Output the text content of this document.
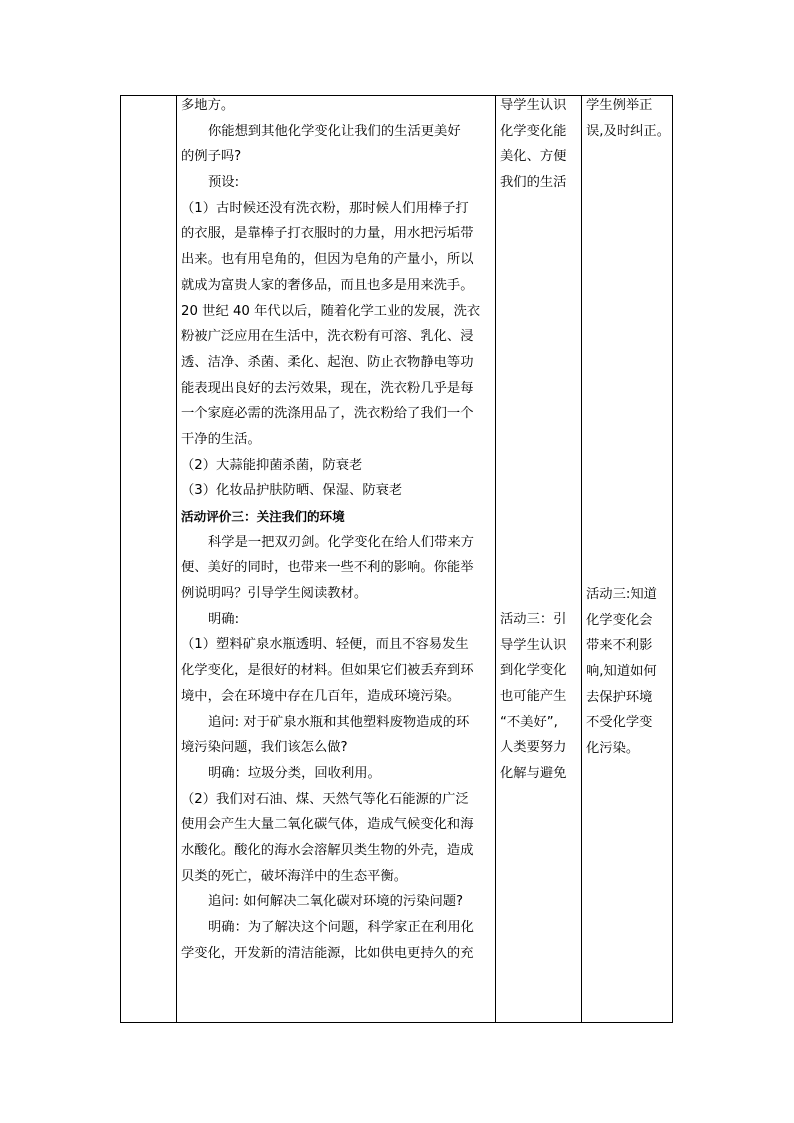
多地方。
你能想到其他化学变化让我们的生活更美好
的例子吗?
预设:
（1）古时候还没有洗衣粉，那时候人们用棒子打
的衣服，是靠棒子打衣服时的力量，用水把污垢带
出来。也有用皂角的，但因为皂角的产量小，所以
就成为富贵人家的奢侈品，而且也多是用来洗手。
20 世纪 40 年代以后，随着化学工业的发展，洗衣
粉被广泛应用在生活中，洗衣粉有可溶、乳化、浸
透、洁净、杀菌、柔化、起泡、防止衣物静电等功
能表现出良好的去污效果，现在，洗衣粉几乎是每
一个家庭必需的洗涤用品了，洗衣粉给了我们一个
干净的生活。
（2）大蒜能抑菌杀菌，防衰老
（3）化妆品护肤防晒、保湿、防衰老
活动评价三：关注我们的环境
科学是一把双刃剑。化学变化在给人们带来方
便、美好的同时，也带来一些不利的影响。你能举
例说明吗？引导学生阅读教材。
明确:
（1）塑料矿泉水瓶透明、轻便，而且不容易发生
化学变化，是很好的材料。但如果它们被丢弃到环
境中，会在环境中存在几百年，造成环境污染。
追问: 对于矿泉水瓶和其他塑料废物造成的环
境污染问题，我们该怎么做?
明确：垃圾分类，回收利用。
（2）我们对石油、煤、天然气等化石能源的广泛
使用会产生大量二氧化碳气体，造成气候变化和海
水酸化。酸化的海水会溶解贝类生物的外壳，造成
贝类的死亡，破坏海洋中的生态平衡。
追问: 如何解决二氧化碳对环境的污染问题?
明确：为了解决这个问题，科学家正在利用化
学变化，开发新的清洁能源，比如供电更持久的充
导学生认识
化学变化能
美化、方便
我们的生活
活动三：引
导学生认识
到化学变化
也可能产生
“不美好”,
人类要努力
化解与避免
学生例举正
误,及时纠正。
活动三:知道
化学变化会
带来不利影
响,知道如何
去保护环境
不受化学变
化污染。
